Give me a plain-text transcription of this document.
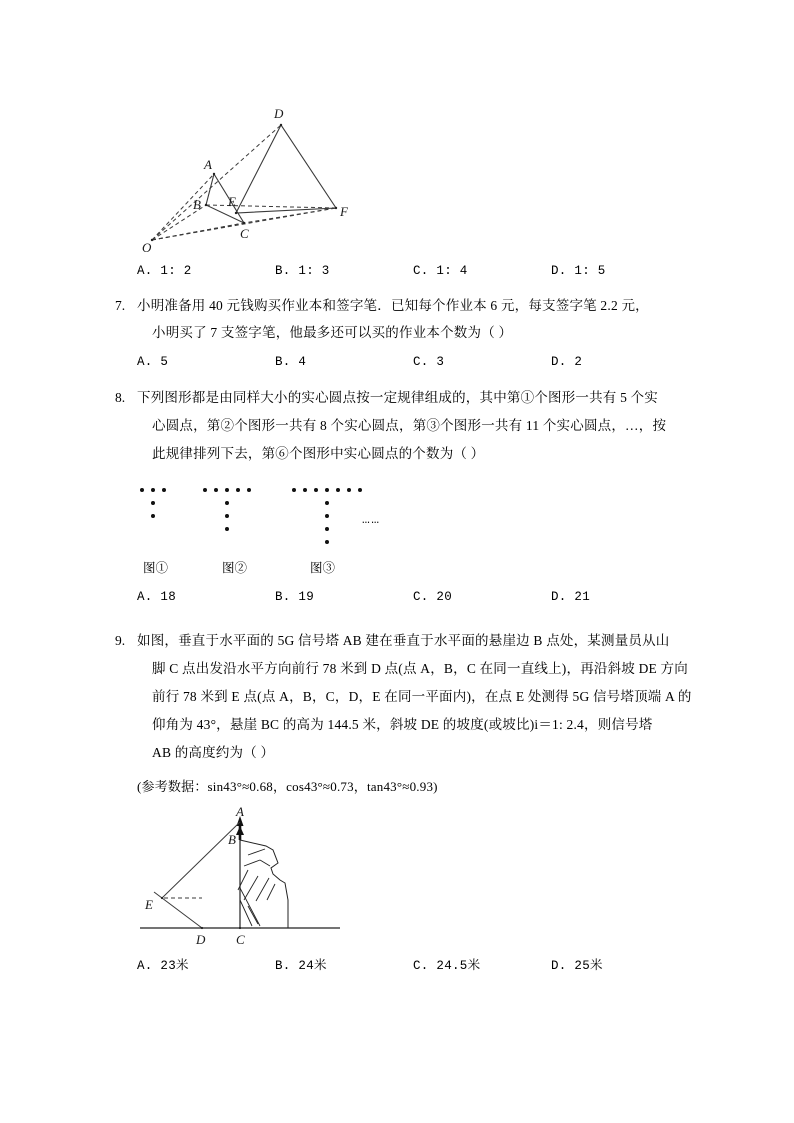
O
A
B
C
D
E
F
A. 1: 2	B. 1: 3	C. 1: 4	D. 1: 5
7. 小明准备用 40 元钱购买作业本和签字笔．已知每个作业本 6 元，每支签字笔 2.2 元，
小明买了 7 支签字笔，他最多还可以买的作业本个数为（ ）
A. 5	B. 4	C. 3	D. 2
8. 下列图形都是由同样大小的实心圆点按一定规律组成的，其中第①个图形一共有 5 个实
心圆点，第②个图形一共有 8 个实心圆点，第③个图形一共有 11 个实心圆点，…，按
此规律排列下去，第⑥个图形中实心圆点的个数为（ ）
……
图①	图②	图③
A. 18	B. 19	C. 20	D. 21
9. 如图，垂直于水平面的 5G 信号塔 AB 建在垂直于水平面的悬崖边 B 点处，某测量员从山
脚 C 点出发沿水平方向前行 78 米到 D 点(点 A，B，C 在同一直线上)，再沿斜坡 DE 方向
前行 78 米到 E 点(点 A，B，C，D，E 在同一平面内)，在点 E 处测得 5G 信号塔顶端 A 的
仰角为 43°，悬崖 BC 的高为 144.5 米，斜坡 DE 的坡度(或坡比)i＝1: 2.4，则信号塔
AB 的高度约为（ ）
(参考数据：sin43°≈0.68，cos43°≈0.73，tan43°≈0.93)
A
B
C
D
E
A. 23米	B. 24米	C. 24.5米	D. 25米
